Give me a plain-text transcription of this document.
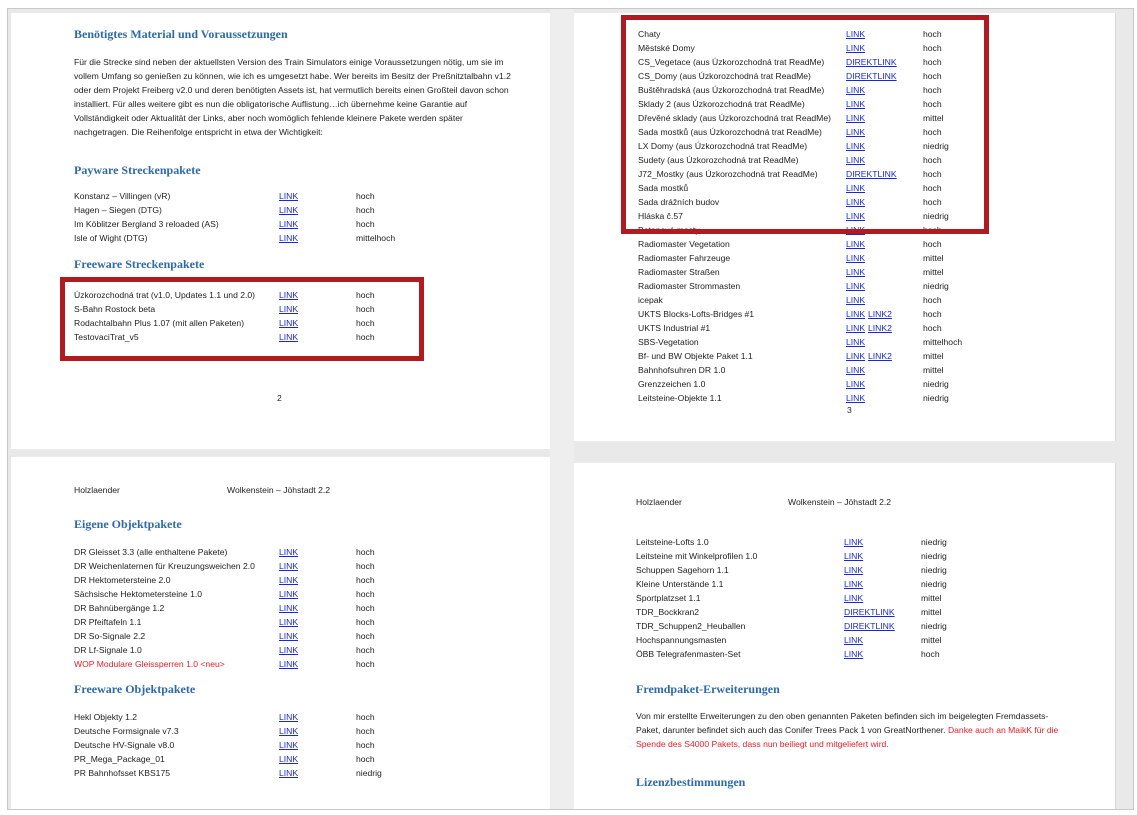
Benötigtes Material und Voraussetzungen
Für die Strecke sind neben der aktuellsten Version des Train Simulators einige Voraussetzungen nötig, um sie im vollem Umfang so genießen zu können, wie ich es umgesetzt habe. Wer bereits im Besitz der Preßnitztalbahn v1.2 oder dem Projekt Freiberg v2.0 und deren benötigten Assets ist, hat vermutlich bereits einen Großteil davon schon installiert. Für alles weitere gibt es nun die obligatorische Auflistung…ich übernehme keine Garantie auf Vollständigkeit oder Aktualität der Links, aber noch womöglich fehlende kleinere Pakete werden später nachgetragen. Die Reihenfolge entspricht in etwa der Wichtigkeit:
Payware Streckenpakete
Konstanz – Villingen (vR)	LINK	hoch
Hagen – Siegen (DTG)	LINK	hoch
Im Köblitzer Bergland 3 reloaded (AS)	LINK	hoch
Isle of Wight (DTG)	LINK	mittelhoch
Freeware Streckenpakete
Úzkorozchodná trat (v1.0, Updates 1.1 und 2.0)	LINK	hoch
S-Bahn Rostock beta	LINK	hoch
Rodachtalbahn Plus 1.07 (mit allen Paketen)	LINK	hoch
TestovaciTrat_v5	LINK	hoch
2
Chaty	LINK	hoch
Městské Domy	LINK	hoch
CS_Vegetace (aus Úzkorozchodná trat ReadMe)	DIREKTLINK	hoch
CS_Domy (aus Úzkorozchodná trat ReadMe)	DIREKTLINK	hoch
Buštěhradská (aus Úzkorozchodná trat ReadMe)	LINK	hoch
Sklady 2 (aus Úzkorozchodná trat ReadMe)	LINK	hoch
Dřevěné sklady (aus Úzkorozchodná trat ReadMe) LINK	mittel
Sada mostků (aus Úzkorozchodná trat ReadMe)	LINK	hoch
LX Domy (aus Úzkorozchodná trat ReadMe)	LINK	niedrig
Sudety (aus Úzkorozchodná trat ReadMe)	LINK	hoch
J72_Mostky (aus Úzkorozchodná trat ReadMe)	DIREKTLINK	hoch
Sada mostků	LINK	hoch
Sada drážních budov	LINK	hoch
Hláska č.57	LINK	niedrig
Betonové mosty	LINK	hoch
Radiomaster Vegetation	LINK	hoch
Radiomaster Fahrzeuge	LINK	mittel
Radiomaster Straßen	LINK	mittel
Radiomaster Strommasten	LINK	niedrig
icepak	LINK	hoch
UKTS Blocks-Lofts-Bridges #1	LINK LINK2	hoch
UKTS Industrial #1	LINK LINK2	hoch
SBS-Vegetation	LINK	mittelhoch
Bf- und BW Objekte Paket 1.1	LINK LINK2	mittel
Bahnhofsuhren DR 1.0	LINK	mittel
Grenzzeichen 1.0	LINK	niedrig
Leitsteine-Objekte 1.1	LINK	niedrig
3
Holzlaender	Wolkenstein – Jöhstadt 2.2
Eigene Objektpakete
DR Gleisset 3.3 (alle enthaltene Pakete)	LINK	hoch
DR Weichenlaternen für Kreuzungsweichen 2.0	LINK	hoch
DR Hektometersteine 2.0	LINK	hoch
Sächsische Hektometersteine 1.0	LINK	hoch
DR Bahnübergänge 1.2	LINK	hoch
DR Pfeiftafeln 1.1	LINK	hoch
DR So-Signale 2.2	LINK	hoch
DR Lf-Signale 1.0	LINK	hoch
WOP Modulare Gleissperren 1.0 <neu>	LINK	hoch
Freeware Objektpakete
Hekl Objekty 1.2	LINK	hoch
Deutsche Formsignale v7.3	LINK	hoch
Deutsche HV-Signale v8.0	LINK	hoch
PR_Mega_Package_01	LINK	hoch
PR Bahnhofsset KBS175	LINK	niedrig
Holzlaender	Wolkenstein – Jöhstadt 2.2
Leitsteine-Lofts 1.0	LINK	niedrig
Leitsteine mit Winkelprofilen 1.0	LINK	niedrig
Schuppen Sagehorn 1.1	LINK	niedrig
Kleine Unterstände 1.1	LINK	niedrig
Sportplatzset 1.1	LINK	mittel
TDR_Bockkran2	DIREKTLINK	mittel
TDR_Schuppen2_Heuballen	DIREKTLINK	niedrig
Hochspannungsmasten	LINK	mittel
ÖBB Telegrafenmasten-Set	LINK	hoch
Fremdpaket-Erweiterungen
Von mir erstellte Erweiterungen zu den oben genannten Paketen befinden sich im beigelegten Fremdassets-Paket, darunter befindet sich auch das Conifer Trees Pack 1 von GreatNorthener. Danke auch an MaikK für die Spende des S4000 Pakets, dass nun beiliegt und mitgeliefert wird.
Lizenzbestimmungen
